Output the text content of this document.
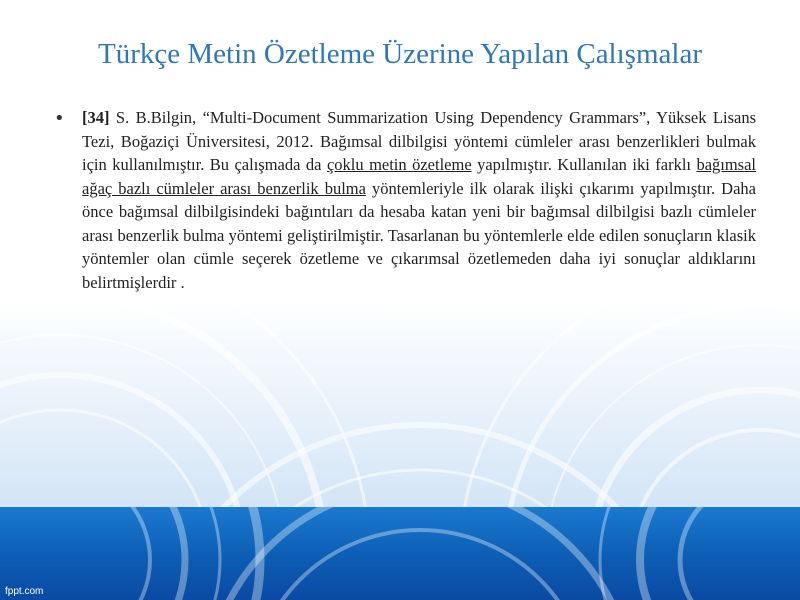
Türkçe Metin Özetleme Üzerine Yapılan Çalışmalar
• [34] S. B.Bilgin, “Multi-Document Summarization Using Dependency Grammars”, Yüksek Lisans Tezi, Boğaziçi Üniversitesi, 2012. Bağımsal dilbilgisi yöntemi cümleler arası benzerlikleri bulmak için kullanılmıştır. Bu çalışmada da çoklu metin özetleme yapılmıştır. Kullanılan iki farklı bağımsal ağaç bazlı cümleler arası benzerlik bulma yöntemleriyle ilk olarak ilişki çıkarımı yapılmıştır. Daha önce bağımsal dilbilgisindeki bağıntıları da hesaba katan yeni bir bağımsal dilbilgisi bazlı cümleler arası benzerlik bulma yöntemi geliştirilmiştir. Tasarlanan bu yöntemlerle elde edilen sonuçların klasik yöntemler olan cümle seçerek özetleme ve çıkarımsal özetlemeden daha iyi sonuçlar aldıklarını belirtmişlerdir .
fppt.com
